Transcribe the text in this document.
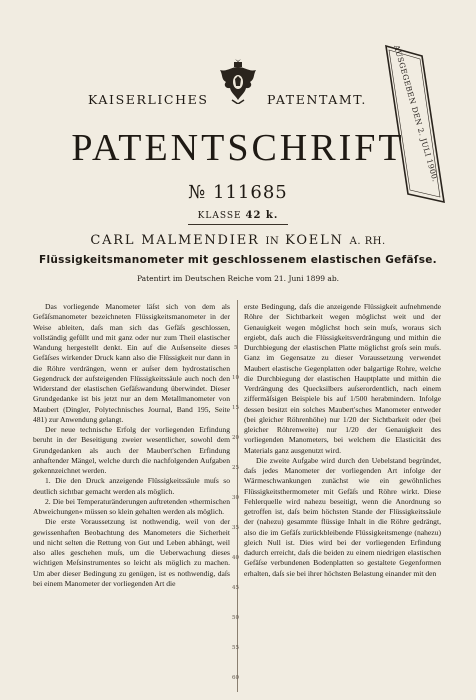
KAISERLICHES	PATENTAMT.	AUSGEGEBEN DEN 2. JULI 1900.
PATENTSCHRIFT
№ 111685
KLASSE 42 k.
CARL MALMENDIER IN KOELN A. RH.
Flüssigkeitsmanometer mit geschlossenem elastischen Gefäſse.
Patentirt im Deutschen Reiche vom 21. Juni 1899 ab.

Das vorliegende Manometer läſst sich von dem als Gefäſsmanometer bezeichneten Flüssigkeitsmanometer in der Weise ableiten, daſs man sich das Gefäſs geschlossen, vollständig gefüllt und mit ganz oder nur zum Theil elastischer Wandung hergestellt denkt. Ein auf die Auſsenseite dieses Gefäſses wirkender Druck kann also die Flüssigkeit nur dann in die Röhre verdrängen, wenn er auſser dem hydrostatischen Gegendruck der aufsteigenden Flüssigkeitssäule auch noch den Widerstand der elastischen Gefäſswandung überwindet. Dieser Grundgedanke ist bis jetzt nur an dem Metallmanometer von Maubert (Dingler, Polytechnisches Journal, Band 195, Seite 481) zur Anwendung gelangt.

Der neue technische Erfolg der vorliegenden Erfindung beruht in der Beseitigung zweier wesentlicher, sowohl dem Grundgedanken als auch der Maubert'schen Erfindung anhaftender Mängel, welche durch die nachfolgenden Aufgaben gekennzeichnet werden.

1. Die den Druck anzeigende Flüssigkeitssäule muſs so deutlich sichtbar gemacht werden als möglich.

2. Die bei Temperaturänderungen auftretenden »thermischen Abweichungen« müssen so klein gehalten werden als möglich.

Die erste Voraussetzung ist nothwendig, weil von der gewissenhaften Beobachtung des Manometers die Sicherheit und nicht selten die Rettung von Gut und Leben abhängt, weil also alles geschehen muſs, um die Ueberwachung dieses wichtigen Meſsinstrumentes so leicht als möglich zu machen. Um aber dieser Bedingung zu genügen, ist es nothwendig, daſs bei einem Manometer der vorliegenden Art die

5
10
15
20
25
30
35
40
45
50
55
60

erste Bedingung, daſs die anzeigende Flüssigkeit aufnehmende Röhre der Sichtbarkeit wegen möglichst weit und der Genauigkeit wegen möglichst hoch sein muſs, woraus sich ergiebt, daſs auch die Flüssigkeitsverdrängung und mithin die Durchbiegung der elastischen Platte möglichst groſs sein muſs. Ganz im Gegensatze zu dieser Voraussetzung verwendet Maubert elastische Gegenplatten oder balgartige Rohre, welche die Durchbiegung der elastischen Hauptplatte und mithin die Verdrängung des Quecksilbers auſserordentlich, nach einem ziffermäſsigen Beispiele bis auf 1/500 herabmindern. Infolge dessen besitzt ein solches Maubert'sches Manometer entweder (bei gleicher Röhrenhöhe) nur 1/20 der Sichtbarkeit oder (bei gleicher Röhrenweite) nur 1/20 der Genauigkeit des vorliegenden Manometers, bei welchem die Elasticität des Materials ganz ausgenutzt wird.

Die zweite Aufgabe wird durch den Uebelstand begründet, daſs jedes Manometer der vorliegenden Art infolge der Wärmeschwankungen zunächst wie ein gewöhnliches Flüssigkeitsthermometer mit Gefäſs und Röhre wirkt. Diese Fehlerquelle wird nahezu beseitigt, wenn die Anordnung so getroffen ist, daſs beim höchsten Stande der Flüssigkeitssäule der (nahezu) gesammte flüssige Inhalt in die Röhre gedrängt, also die im Gefäſs zurückbleibende Flüssigkeitsmenge (nahezu) gleich Null ist. Dies wird bei der vorliegenden Erfindung dadurch erreicht, daſs die beiden zu einem niedrigen elastischen Gefäſse verbundenen Bodenplatten so gestaltete Gegenformen erhalten, daſs sie bei ihrer höchsten Belastung einander mit den
